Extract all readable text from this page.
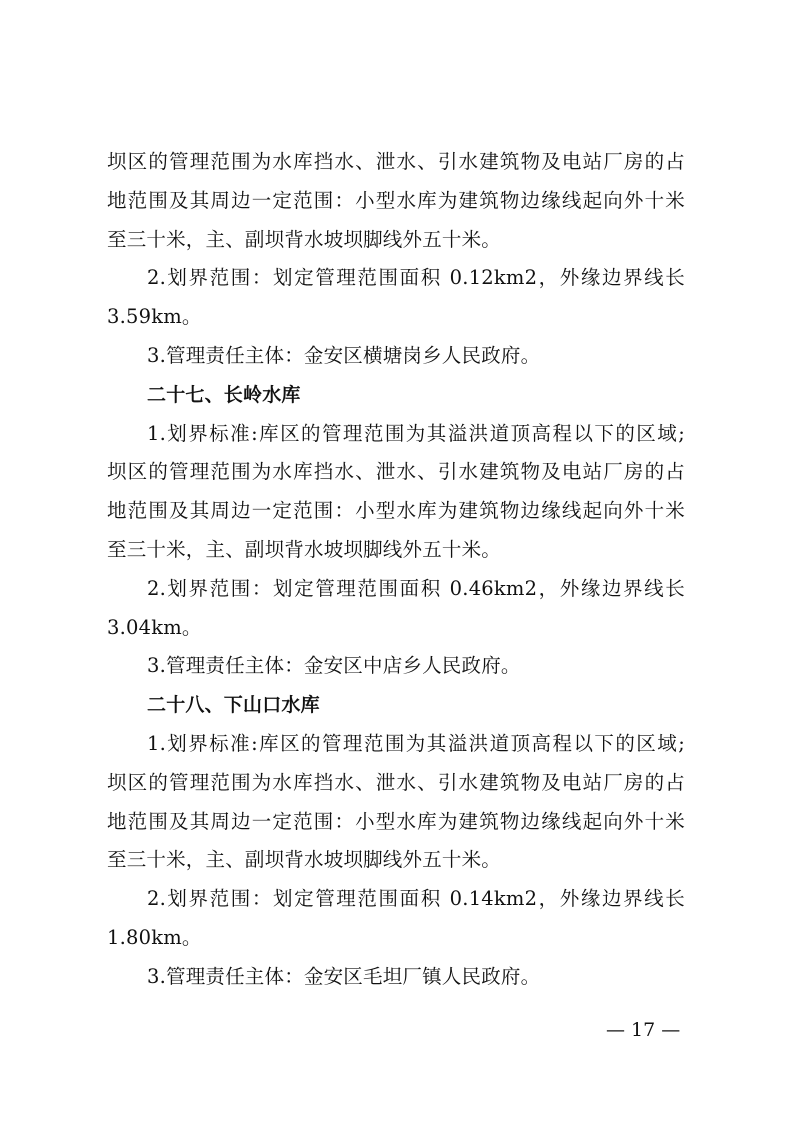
坝区的管理范围为水库挡水、泄水、引水建筑物及电站厂房的占
地范围及其周边一定范围：小型水库为建筑物边缘线起向外十米
至三十米，主、副坝背水坡坝脚线外五十米。
2.划界范围：划定管理范围面积 0.12km2，外缘边界线长
3.59km。
3.管理责任主体：金安区横塘岗乡人民政府。
二十七、长岭水库
1.划界标准:库区的管理范围为其溢洪道顶高程以下的区域;
坝区的管理范围为水库挡水、泄水、引水建筑物及电站厂房的占
地范围及其周边一定范围：小型水库为建筑物边缘线起向外十米
至三十米，主、副坝背水坡坝脚线外五十米。
2.划界范围：划定管理范围面积 0.46km2，外缘边界线长
3.04km。
3.管理责任主体：金安区中店乡人民政府。
二十八、下山口水库
1.划界标准:库区的管理范围为其溢洪道顶高程以下的区域;
坝区的管理范围为水库挡水、泄水、引水建筑物及电站厂房的占
地范围及其周边一定范围：小型水库为建筑物边缘线起向外十米
至三十米，主、副坝背水坡坝脚线外五十米。
2.划界范围：划定管理范围面积 0.14km2，外缘边界线长
1.80km。
3.管理责任主体：金安区毛坦厂镇人民政府。
— 17 —
